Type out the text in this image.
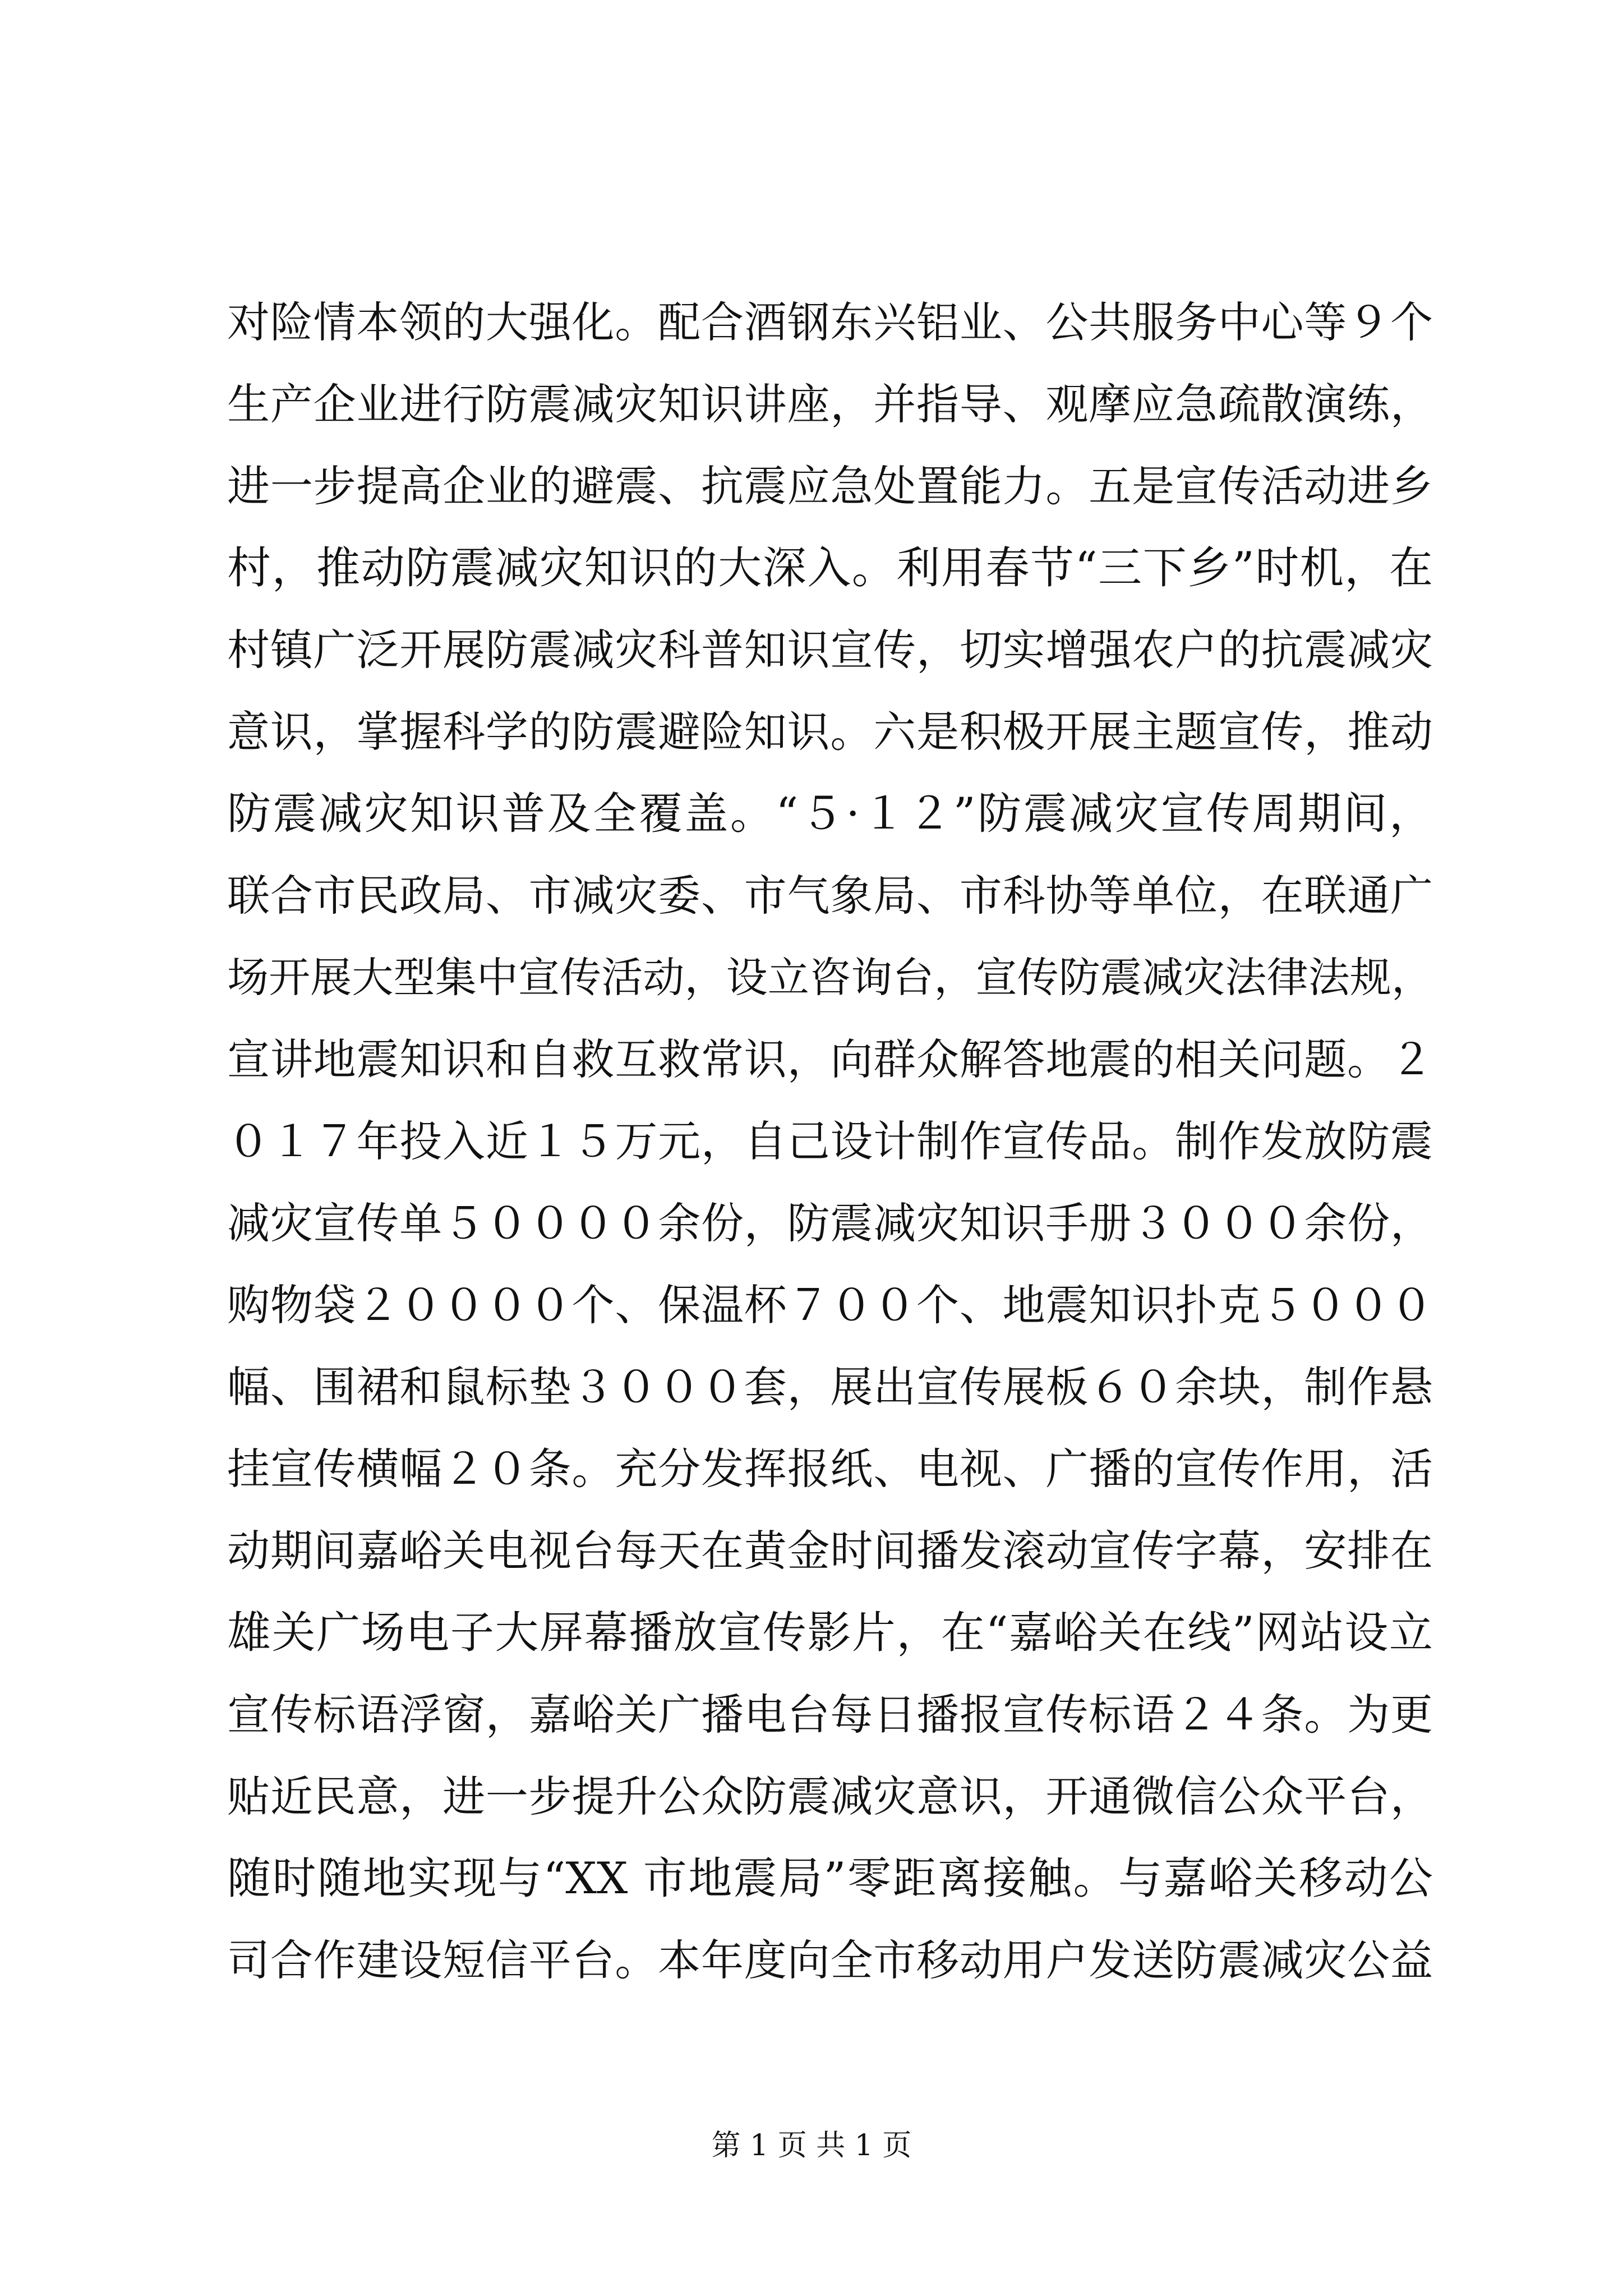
对险情本领的大强化。配合酒钢东兴铝业、公共服务中心等９个
生产企业进行防震减灾知识讲座，并指导、观摩应急疏散演练，
进一步提高企业的避震、抗震应急处置能力。五是宣传活动进乡
村，推动防震减灾知识的大深入。利用春节“三下乡”时机，在
村镇广泛开展防震减灾科普知识宣传，切实增强农户的抗震减灾
意识，掌握科学的防震避险知识。六是积极开展主题宣传，推动
防震减灾知识普及全覆盖。“５·１２”防震减灾宣传周期间，
联合市民政局、市减灾委、市气象局、市科协等单位，在联通广
场开展大型集中宣传活动，设立咨询台，宣传防震减灾法律法规，
宣讲地震知识和自救互救常识，向群众解答地震的相关问题。２
０１７年投入近１５万元，自己设计制作宣传品。制作发放防震
减灾宣传单５００００余份，防震减灾知识手册３０００余份，
购物袋２００００个、保温杯７００个、地震知识扑克５０００
幅、围裙和鼠标垫３０００套，展出宣传展板６０余块，制作悬
挂宣传横幅２０条。充分发挥报纸、电视、广播的宣传作用，活
动期间嘉峪关电视台每天在黄金时间播发滚动宣传字幕，安排在
雄关广场电子大屏幕播放宣传影片，在“嘉峪关在线”网站设立
宣传标语浮窗，嘉峪关广播电台每日播报宣传标语２４条。为更
贴近民意，进一步提升公众防震减灾意识，开通微信公众平台，
随时随地实现与“XX 市地震局”零距离接触。与嘉峪关移动公
司合作建设短信平台。本年度向全市移动用户发送防震减灾公益
第 1 页 共 1 页
